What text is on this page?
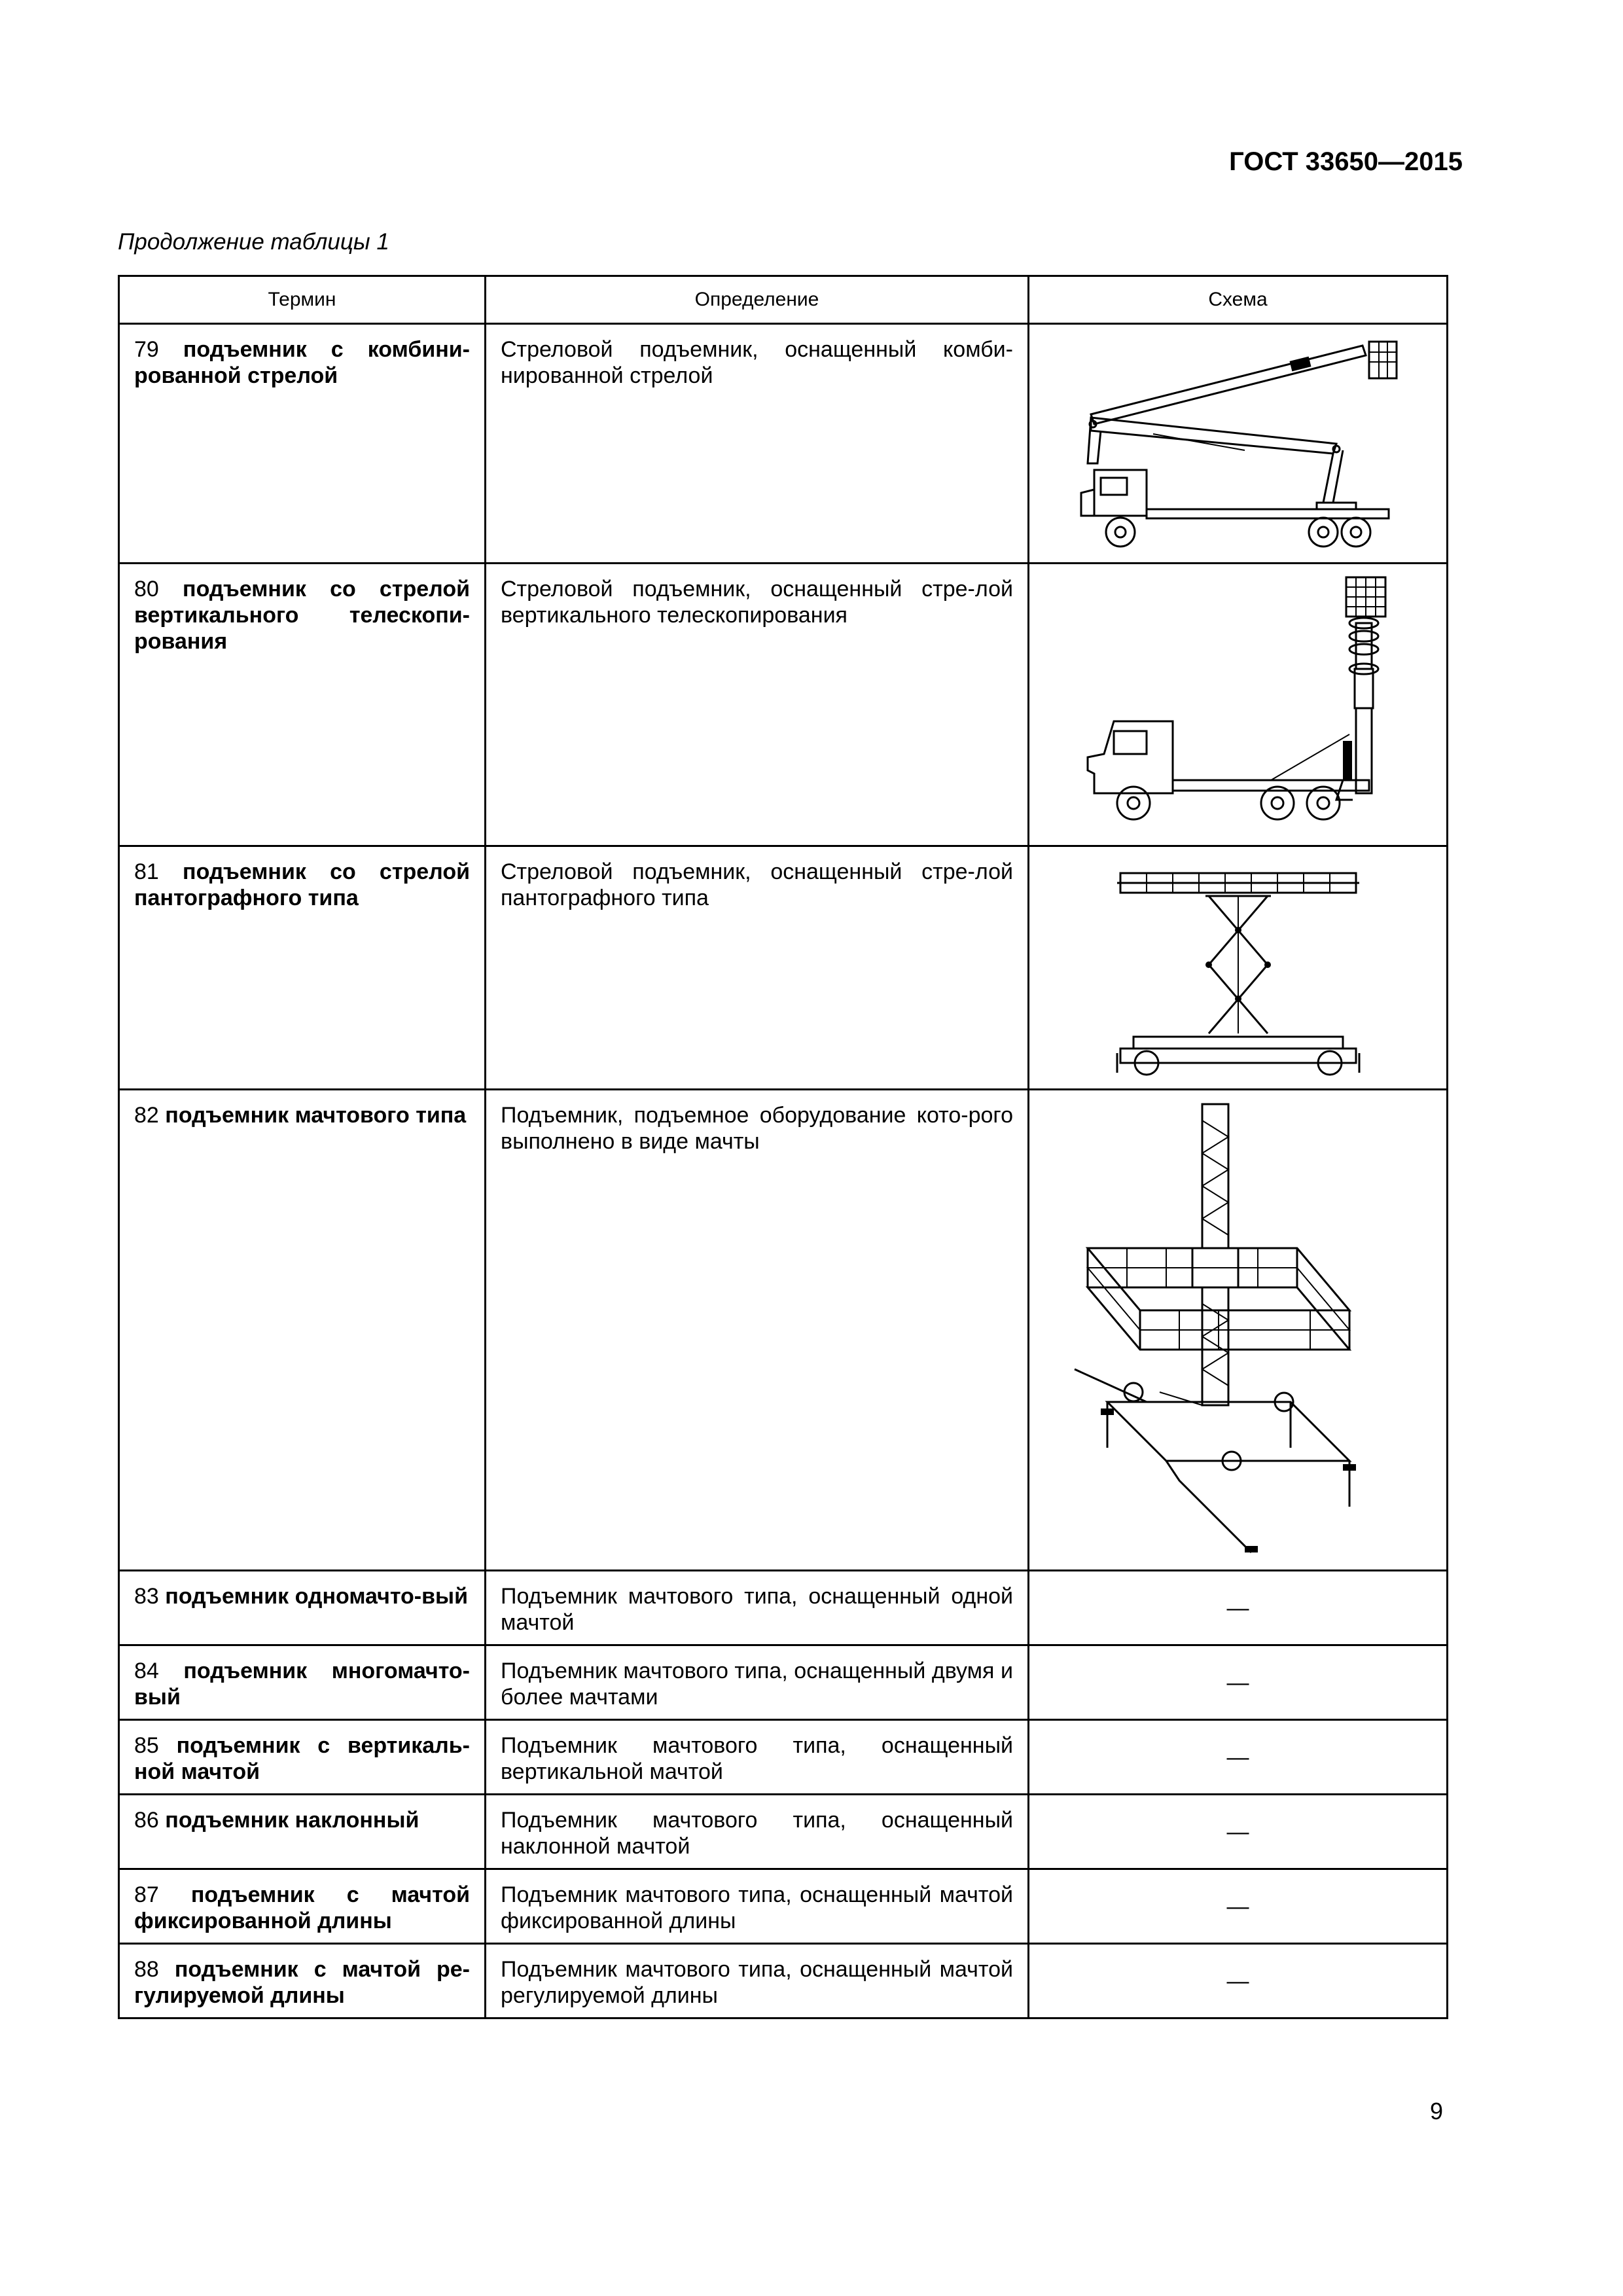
ГОСТ 33650—2015
Продолжение таблицы 1
Термин	Определение	Схема
79 подъемник с комбини-рованной стрелой	Стреловой подъемник, оснащенный комби-нированной стрелой	

80 подъемник со стрелой вертикального телескопи-рования	Стреловой подъемник, оснащенный стре-лой вертикального телескопирования	

81 подъемник со стрелой пантографного типа	Стреловой подъемник, оснащенный стре-лой пантографного типа	

82 подъемник мачтового типа	Подъемник, подъемное оборудование кото-рого выполнено в виде мачты	

83 подъемник одномачто-вый	Подъемник мачтового типа, оснащенный одной мачтой	—
84 подъемник многомачто-вый	Подъемник мачтового типа, оснащенный двумя и более мачтами	—
85 подъемник с вертикаль-ной мачтой	Подъемник мачтового типа, оснащенный вертикальной мачтой	—
86 подъемник наклонный	Подъемник мачтового типа, оснащенный наклонной мачтой	—
87 подъемник с мачтой фиксированной длины	Подъемник мачтового типа, оснащенный мачтой фиксированной длины	—
88 подъемник с мачтой ре-гулируемой длины	Подъемник мачтового типа, оснащенный мачтой регулируемой длины	—
9
